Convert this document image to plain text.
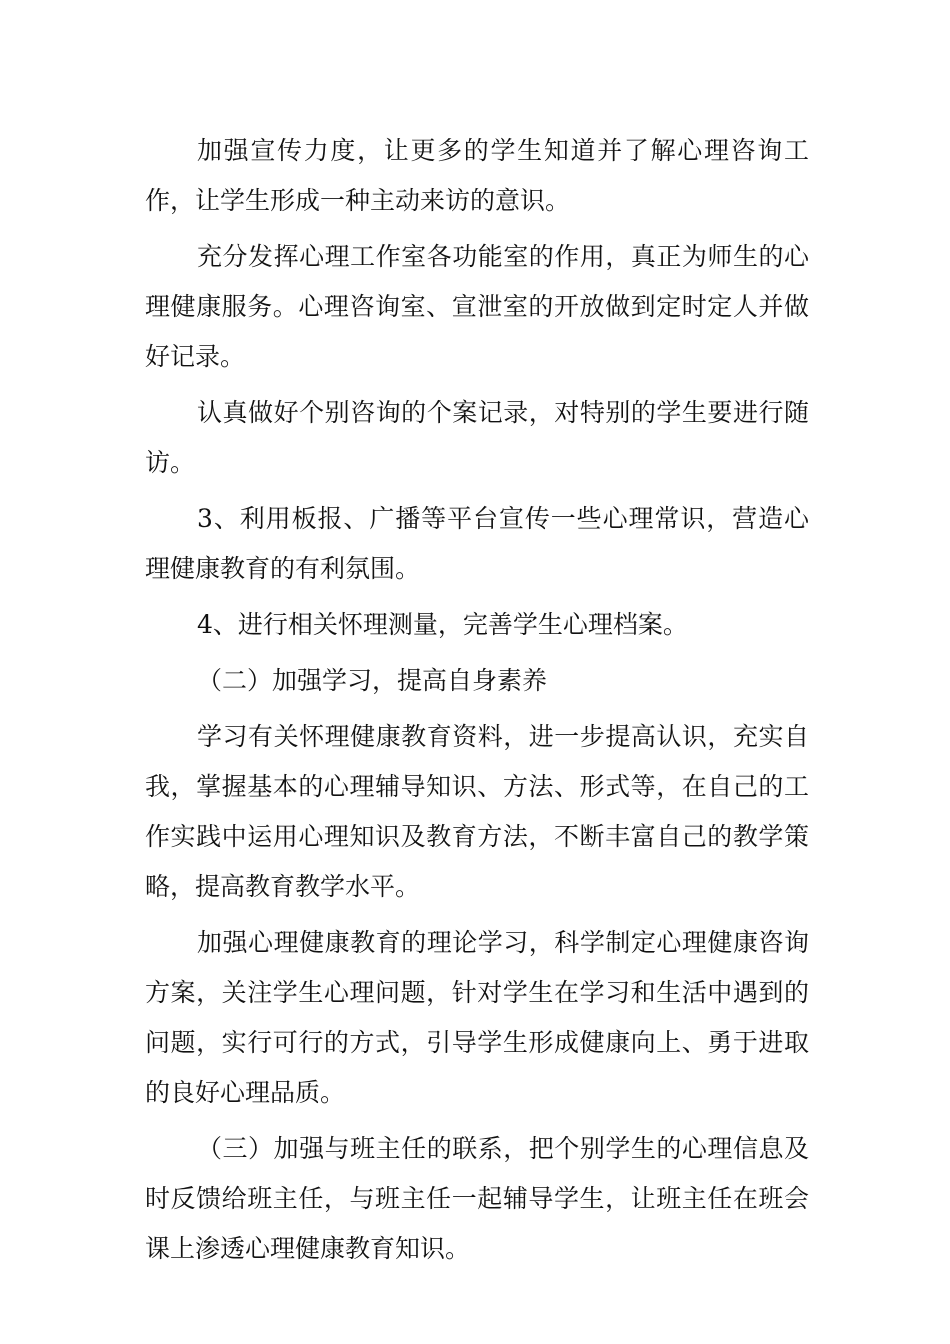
加强宣传力度，让更多的学生知道并了解心理咨询工作，让学生形成一种主动来访的意识。

充分发挥心理工作室各功能室的作用，真正为师生的心理健康服务。心理咨询室、宣泄室的开放做到定时定人并做好记录。

认真做好个别咨询的个案记录，对特别的学生要进行随访。

3、利用板报、广播等平台宣传一些心理常识，营造心理健康教育的有利氛围。

4、进行相关怀理测量，完善学生心理档案。

（二）加强学习，提高自身素养

学习有关怀理健康教育资料，进一步提高认识，充实自我，掌握基本的心理辅导知识、方法、形式等，在自己的工作实践中运用心理知识及教育方法，不断丰富自己的教学策略，提高教育教学水平。

加强心理健康教育的理论学习，科学制定心理健康咨询方案，关注学生心理问题，针对学生在学习和生活中遇到的问题，实行可行的方式，引导学生形成健康向上、勇于进取的良好心理品质。

（三）加强与班主任的联系，把个别学生的心理信息及时反馈给班主任，与班主任一起辅导学生，让班主任在班会课上渗透心理健康教育知识。
